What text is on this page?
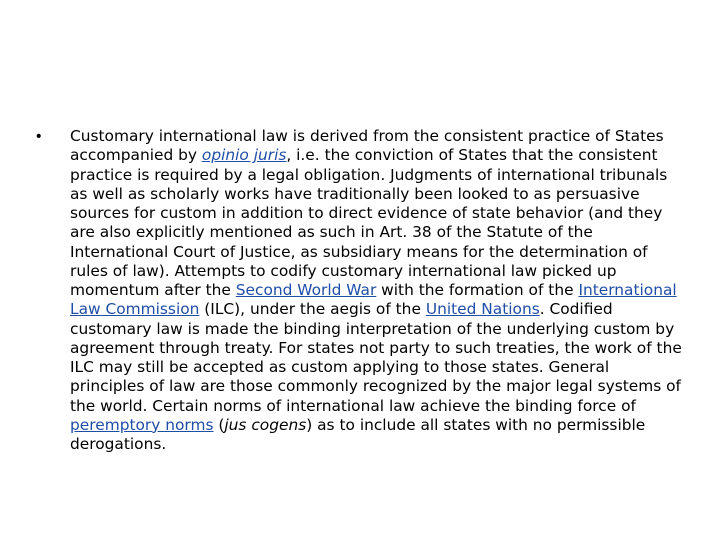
• Customary international law is derived from the consistent practice of States accompanied by opinio juris, i.e. the conviction of States that the consistent practice is required by a legal obligation. Judgments of international tribunals as well as scholarly works have traditionally been looked to as persuasive sources for custom in addition to direct evidence of state behavior (and they are also explicitly mentioned as such in Art. 38 of the Statute of the International Court of Justice, as subsidiary means for the determination of rules of law). Attempts to codify customary international law picked up momentum after the Second World War with the formation of the International Law Commission (ILC), under the aegis of the United Nations. Codified customary law is made the binding interpretation of the underlying custom by agreement through treaty. For states not party to such treaties, the work of the ILC may still be accepted as custom applying to those states. General principles of law are those commonly recognized by the major legal systems of the world. Certain norms of international law achieve the binding force of peremptory norms (jus cogens) as to include all states with no permissible derogations.
